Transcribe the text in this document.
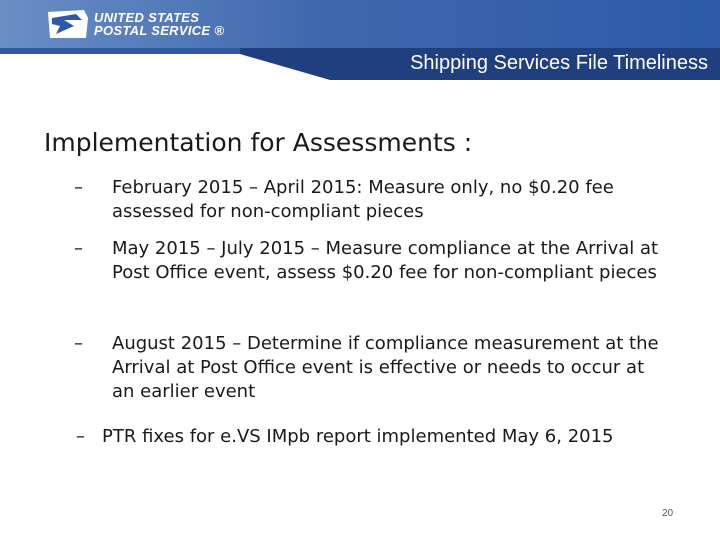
UNITED STATES
POSTAL SERVICE ®
Shipping Services File Timeliness
Implementation for Assessments :
– February 2015 – April 2015: Measure only, no $0.20 fee assessed for non-compliant pieces
– May 2015 – July 2015 – Measure compliance at the Arrival at Post Office event, assess $0.20 fee for non-compliant pieces
– August 2015 – Determine if compliance measurement at the Arrival at Post Office event is effective or needs to occur at an earlier event
– PTR fixes for e.VS IMpb report implemented May 6, 2015
20
